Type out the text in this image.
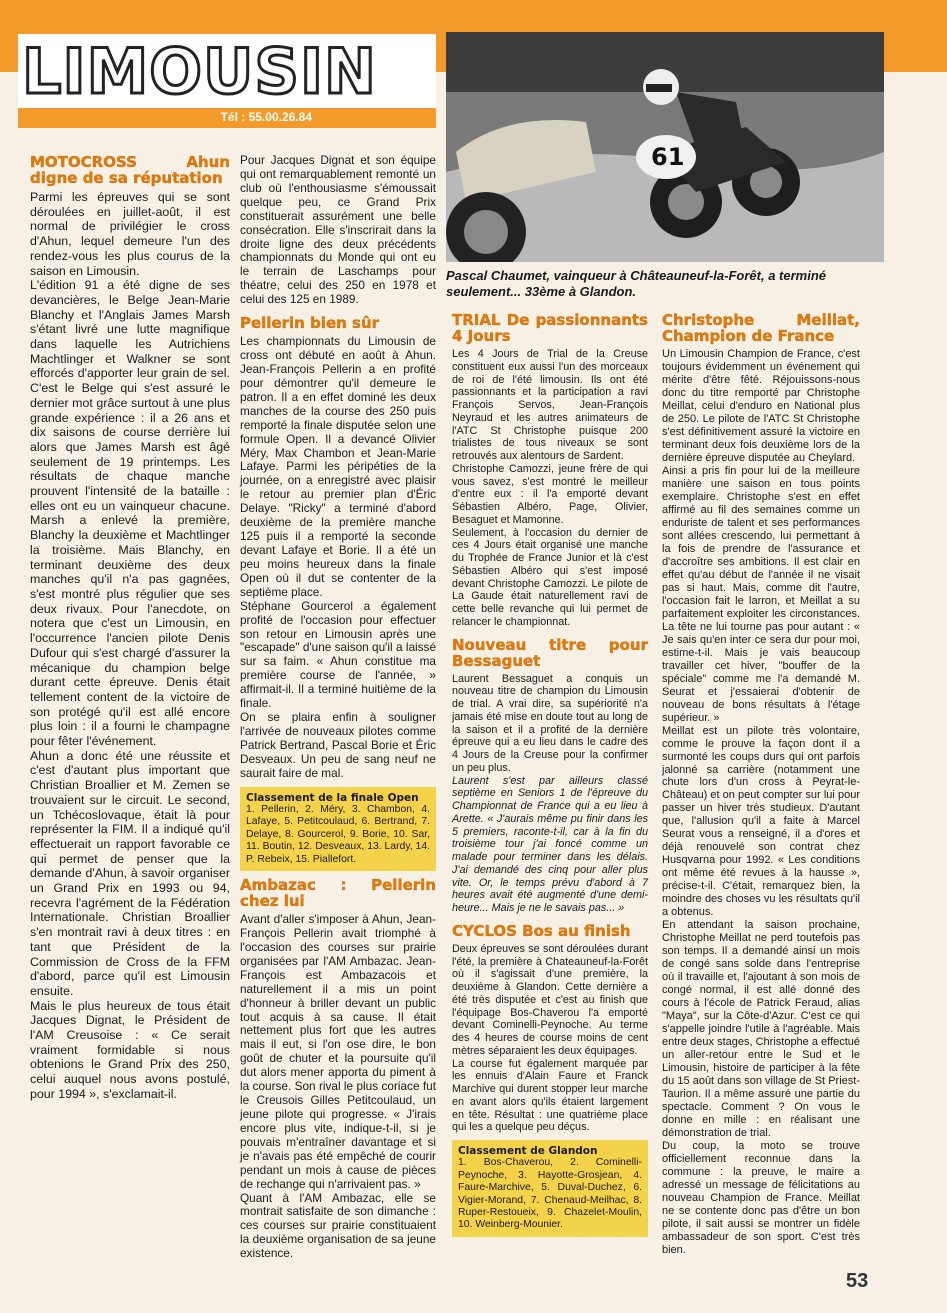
LIMOUSIN
Tél : 55.00.26.84
61
Pascal Chaumet, vainqueur à Châteauneuf-la-Forêt, a terminé seulement... 33ème à Glandon.
MOTOCROSS Ahun digne de sa réputation

Parmi les épreuves qui se sont déroulées en juillet-août, il est normal de privilégier le cross d'Ahun, lequel demeure l'un des rendez-vous les plus courus de la saison en Limousin.

L'édition 91 a été digne de ses devancières, le Belge Jean-Marie Blanchy et l'Anglais James Marsh s'étant livré une lutte magnifique dans laquelle les Autrichiens Machtlinger et Walkner se sont efforcés d'apporter leur grain de sel. C'est le Belge qui s'est assuré le dernier mot grâce surtout à une plus grande expérience : il a 26 ans et dix saisons de course derrière lui alors que James Marsh est âgé seulement de 19 printemps. Les résultats de chaque manche prouvent l'intensité de la bataille : elles ont eu un vainqueur chacune. Marsh a enlevé la première, Blanchy la deuxième et Machtlinger la troisième. Mais Blanchy, en terminant deuxième des deux manches qu'il n'a pas gagnées, s'est montré plus régulier que ses deux rivaux. Pour l'anecdote, on notera que c'est un Limousin, en l'occurrence l'ancien pilote Denis Dufour qui s'est chargé d'assurer la mécanique du champion belge durant cette épreuve. Denis était tellement content de la victoire de son protégé qu'il est allé encore plus loin : il a fourni le champagne pour fêter l'événement.

Ahun a donc été une réussite et c'est d'autant plus important que Christian Broallier et M. Zemen se trouvaient sur le circuit. Le second, un Tchécoslovaque, était là pour représenter la FIM. Il a indiqué qu'il effectuerait un rapport favorable ce qui permet de penser que la demande d'Ahun, à savoir organiser un Grand Prix en 1993 ou 94, recevra l'agrément de la Fédération Internationale. Christian Broallier s'en montrait ravi à deux titres : en tant que Président de la Commission de Cross de la FFM d'abord, parce qu'il est Limousin ensuite.

Mais le plus heureux de tous était Jacques Dignat, le Président de l'AM Creusoise : « Ce serait vraiment formidable si nous obtenions le Grand Prix des 250, celui auquel nous avons postulé, pour 1994 », s'exclamait-il.

Pour Jacques Dignat et son équipe qui ont remarquablement remonté un club où l'enthousiasme s'émoussait quelque peu, ce Grand Prix constituerait assurément une belle consécration. Elle s'inscrirait dans la droite ligne des deux précédents championnats du Monde qui ont eu le terrain de Laschamps pour théatre, celui des 250 en 1978 et celui des 125 en 1989.

Pellerin bien sûr

Les championnats du Limousin de cross ont débuté en août à Ahun. Jean-François Pellerin a en profité pour démontrer qu'il demeure le patron. Il a en effet dominé les deux manches de la course des 250 puis remporté la finale disputée selon une formule Open. Il a devancé Olivier Méry, Max Chambon et Jean-Marie Lafaye. Parmi les péripéties de la journée, on a enregistré avec plaisir le retour au premier plan d'Éric Delaye. "Ricky" a terminé d'abord deuxième de la première manche 125 puis il a remporté la seconde devant Lafaye et Borie. Il a été un peu moins heureux dans la finale Open où il dut se contenter de la septième place.

Stéphane Gourcerol a également profité de l'occasion pour effectuer son retour en Limousin après une "escapade" d'une saison qu'il a laissé sur sa faim. « Ahun constitue ma première course de l'année, » affirmait-il. Il a terminé huitième de la finale.

On se plaira enfin à souligner l'arrivée de nouveaux pilotes comme Patrick Bertrand, Pascal Borie et Éric Desveaux. Un peu de sang neuf ne saurait faire de mal.

Classement de la finale Open
1. Pellerin, 2. Méry, 3. Chambon, 4. Lafaye, 5. Petitcoulaud, 6. Bertrand, 7. Delaye, 8. Gourcerol, 9. Borie, 10. Sar, 11. Boutin, 12. Desveaux, 13. Lardy, 14. P. Rebeix, 15. Piallefort.
Ambazac : Pellerin chez lui

Avant d'aller s'imposer à Ahun, Jean-François Pellerin avait triomphé à l'occasion des courses sur prairie organisées par l'AM Ambazac. Jean-François est Ambazacois et naturellement il a mis un point d'honneur à briller devant un public tout acquis à sa cause. Il était nettement plus fort que les autres mais il eut, si l'on ose dire, le bon goût de chuter et la poursuite qu'il dut alors mener apporta du piment à la course. Son rival le plus coriace fut le Creusois Gilles Petitcoulaud, un jeune pilote qui progresse. « J'irais encore plus vite, indique-t-il, si je pouvais m'entraîner davantage et si je n'avais pas été empêché de courir pendant un mois à cause de pièces de rechange qui n'arrivaient pas. »

Quant à l'AM Ambazac, elle se montrait satisfaite de son dimanche : ces courses sur prairie constituaient la deuxième organisation de sa jeune existence.

TRIAL De passionnants 4 Jours

Les 4 Jours de Trial de la Creuse constituent eux aussi l'un des morceaux de roi de l'été limousin. Ils ont été passionnants et la participation a ravi François Servos, Jean-François Neyraud et les autres animateurs de l'ATC St Christophe puisque 200 trialistes de tous niveaux se sont retrouvés aux alentours de Sardent.

Christophe Camozzi, jeune frère de qui vous savez, s'est montré le meilleur d'entre eux : il l'a emporté devant Sébastien Albéro, Page, Olivier, Besaguet et Mamonne.

Seulement, à l'occasion du dernier de ces 4 Jours était organisé une manche du Trophée de France Junior et là c'est Sébastien Albéro qui s'est imposé devant Christophe Camozzi. Le pilote de La Gaude était naturellement ravi de cette belle revanche qui lui permet de relancer le championnat.

Nouveau titre pour Bessaguet

Laurent Bessaguet a conquis un nouveau titre de champion du Limousin de trial. A vrai dire, sa supériorité n'a jamais été mise en doute tout au long de la saison et il a profité de la dernière épreuve qui a eu lieu dans le cadre des 4 Jours de la Creuse pour la confirmer un peu plus.

Laurent s'est par ailleurs classé septième en Seniors 1 de l'épreuve du Championnat de France qui a eu lieu à Arette. « J'aurais même pu finir dans les 5 premiers, raconte-t-il, car à la fin du troisième tour j'ai foncé comme un malade pour terminer dans les délais. J'ai demandé des cinq pour aller plus vite. Or, le temps prévu d'abord à 7 heures avait été augmenté d'une demi-heure... Mais je ne le savais pas... »

CYCLOS Bos au finish

Deux épreuves se sont déroulées durant l'été, la première à Chateauneuf-la-Forêt où il s'agissait d'une première, la deuxième à Glandon. Cette dernière a été très disputée et c'est au finish que l'équipage Bos-Chaverou l'a emporté devant Cominelli-Peynoche. Au terme des 4 heures de course moins de cent mètres séparaient les deux équipages.

La course fut également marquée par les ennuis d'Alain Faure et Franck Marchive qui durent stopper leur marche en avant alors qu'ils étaient largement en tête. Résultat : une quatrième place qui les a quelque peu déçus.

Classement de Glandon
1. Bos-Chaverou, 2. Cominelli-Peynoche, 3. Hayotte-Grosjean, 4. Faure-Marchive, 5. Duval-Duchez, 6. Vigier-Morand, 7. Chenaud-Meilhac, 8. Ruper-Restoueix, 9. Chazelet-Moulin, 10. Weinberg-Mounier.
Christophe Meillat, Champion de France

Un Limousin Champion de France, c'est toujours évidemment un événement qui mérite d'être fêté. Réjouissons-nous donc du titre remporté par Christophe Meillat, celui d'enduro en National plus de 250. Le pilote de l'ATC St Christophe s'est définitivement assuré la victoire en terminant deux fois deuxième lors de la dernière épreuve disputée au Cheylard.

Ainsi a pris fin pour lui de la meilleure manière une saison en tous points exemplaire. Christophe s'est en effet affirmé au fil des semaines comme un enduriste de talent et ses performances sont allées crescendo, lui permettant à la fois de prendre de l'assurance et d'accroître ses ambitions. Il est clair en effet qu'au début de l'année il ne visait pas si haut. Mais, comme dit l'autre, l'occasion fait le larron, et Meillat a su parfaitement exploiter les circonstances. La tête ne lui tourne pas pour autant : « Je sais qu'en inter ce sera dur pour moi, estime-t-il. Mais je vais beaucoup travailler cet hiver, "bouffer de la spéciale" comme me l'a demandé M. Seurat et j'essaierai d'obtenir de nouveau de bons résultats à l'étage supérieur. »

Meillat est un pilote très volontaire, comme le prouve la façon dont il a surmonté les coups durs qui ont parfois jalonné sa carrière (notamment une chute lors d'un cross à Peyrat-le-Château) et on peut compter sur lui pour passer un hiver très studieux. D'autant que, l'allusion qu'il a faite à Marcel Seurat vous a renseigné, il a d'ores et déjà renouvelé son contrat chez Husqvarna pour 1992. « Les conditions ont même été revues à la hausse », précise-t-il. C'était, remarquez bien, la moindre des choses vu les résultats qu'il a obtenus.

En attendant la saison prochaine, Christophe Meillat ne perd toutefois pas son temps. Il a demandé ainsi un mois de congé sans solde dans l'entreprise où il travaille et, l'ajoutant à son mois de congé normal, il est allé donné des cours à l'école de Patrick Feraud, alias "Maya", sur la Côte-d'Azur. C'est ce qui s'appelle joindre l'utile à l'agréable. Mais entre deux stages, Christophe a effectué un aller-retour entre le Sud et le Limousin, histoire de participer à la fête du 15 août dans son village de St Priest-Taurion. Il a même assuré une partie du spectacle. Comment ? On vous le donne en mille : en réalisant une démonstration de trial.

Du coup, la moto se trouve officiellement reconnue dans la commune : la preuve, le maire a adressé un message de félicitations au nouveau Champion de France. Meillat ne se contente donc pas d'être un bon pilote, il sait aussi se montrer un fidèle ambassadeur de son sport. C'est très bien.

53
